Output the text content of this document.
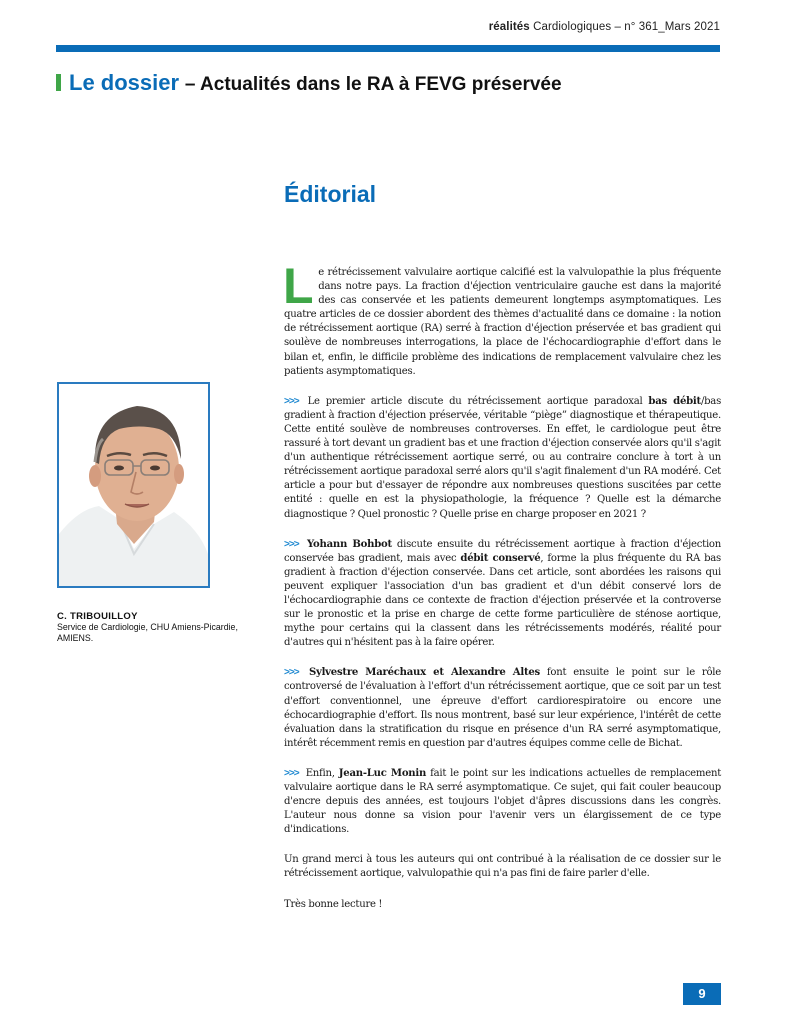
réalités Cardiologiques – n° 361_Mars 2021
Le dossier – Actualités dans le RA à FEVG préservée
Éditorial
C. TRIBOUILLOY
Service de Cardiologie, CHU Amiens-Picardie,
AMIENS.

Le rétrécissement valvulaire aortique calcifié est la valvulopathie la plus fréquente dans notre pays. La fraction d'éjection ventriculaire gauche est dans la majorité des cas conservée et les patients demeurent longtemps asymptomatiques. Les quatre articles de ce dossier abordent des thèmes d'actualité dans ce domaine : la notion de rétrécissement aortique (RA) serré à fraction d'éjection préservée et bas gradient qui soulève de nombreuses interrogations, la place de l'échocardiographie d'effort dans le bilan et, enfin, le difficile problème des indications de remplacement valvulaire chez les patients asymptomatiques.

>>> Le premier article discute du rétrécissement aortique paradoxal bas débit/bas gradient à fraction d'éjection préservée, véritable “piège” diagnostique et thérapeutique. Cette entité soulève de nombreuses controverses. En effet, le cardiologue peut être rassuré à tort devant un gradient bas et une fraction d'éjection conservée alors qu'il s'agit d'un authentique rétrécissement aortique serré, ou au contraire conclure à tort à un rétrécissement aortique paradoxal serré alors qu'il s'agit finalement d'un RA modéré. Cet article a pour but d'essayer de répondre aux nombreuses questions suscitées par cette entité : quelle en est la physiopathologie, la fréquence ? Quelle est la démarche diagnostique ? Quel pronostic ? Quelle prise en charge proposer en 2021 ?

>>> Yohann Bohbot discute ensuite du rétrécissement aortique à fraction d'éjection conservée bas gradient, mais avec débit conservé, forme la plus fréquente du RA bas gradient à fraction d'éjection conservée. Dans cet article, sont abordées les raisons qui peuvent expliquer l'association d'un bas gradient et d'un débit conservé lors de l'échocardiographie dans ce contexte de fraction d'éjection préservée et la controverse sur le pronostic et la prise en charge de cette forme particulière de sténose aortique, mythe pour certains qui la classent dans les rétrécissements modérés, réalité pour d'autres qui n'hésitent pas à la faire opérer.

>>> Sylvestre Maréchaux et Alexandre Altes font ensuite le point sur le rôle controversé de l'évaluation à l'effort d'un rétrécissement aortique, que ce soit par un test d'effort conventionnel, une épreuve d'effort cardiorespiratoire ou encore une échocardiographie d'effort. Ils nous montrent, basé sur leur expérience, l'intérêt de cette évaluation dans la stratification du risque en présence d'un RA serré asymptomatique, intérêt récemment remis en question par d'autres équipes comme celle de Bichat.

>>> Enfin, Jean-Luc Monin fait le point sur les indications actuelles de remplacement valvulaire aortique dans le RA serré asymptomatique. Ce sujet, qui fait couler beaucoup d'encre depuis des années, est toujours l'objet d'âpres discussions dans les congrès. L'auteur nous donne sa vision pour l'avenir vers un élargissement de ce type d'indications.

Un grand merci à tous les auteurs qui ont contribué à la réalisation de ce dossier sur le rétrécissement aortique, valvulopathie qui n'a pas fini de faire parler d'elle.

Très bonne lecture !

9
